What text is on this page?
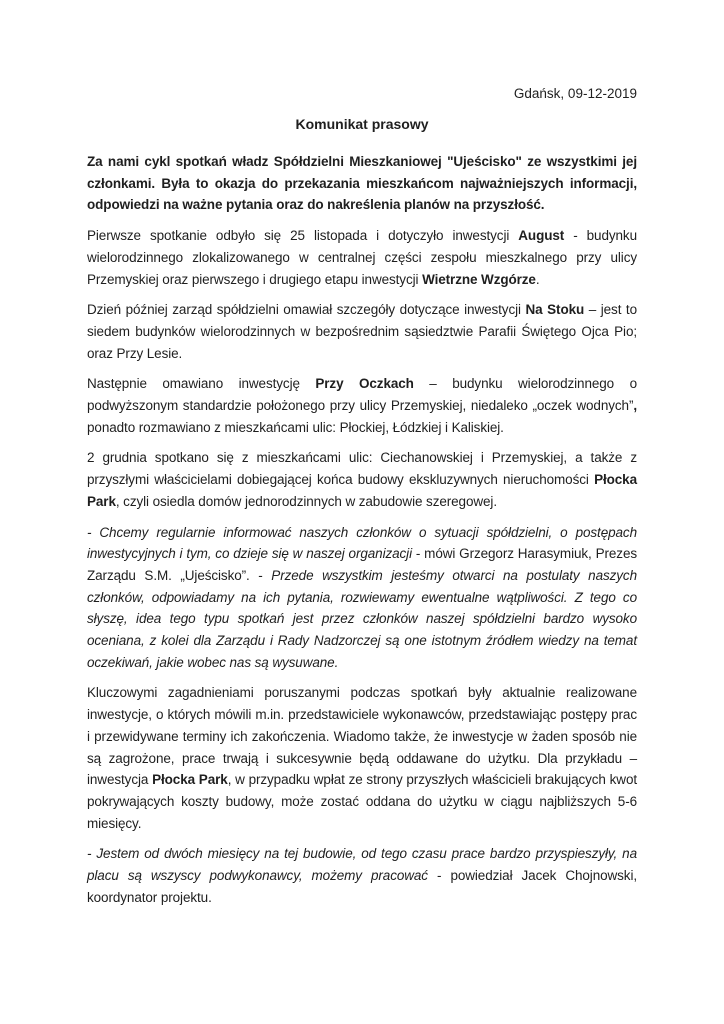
Gdańsk, 09-12-2019
Komunikat prasowy

Za nami cykl spotkań władz Spółdzielni Mieszkaniowej "Ujeścisko" ze wszystkimi jej członkami. Była to okazja do przekazania mieszkańcom najważniejszych informacji, odpowiedzi na ważne pytania oraz do nakreślenia planów na przyszłość.

Pierwsze spotkanie odbyło się 25 listopada i dotyczyło inwestycji August - budynku wielorodzinnego zlokalizowanego w centralnej części zespołu mieszkalnego przy ulicy Przemyskiej oraz pierwszego i drugiego etapu inwestycji Wietrzne Wzgórze.

Dzień później zarząd spółdzielni omawiał szczegóły dotyczące inwestycji Na Stoku – jest to siedem budynków wielorodzinnych w bezpośrednim sąsiedztwie Parafii Świętego Ojca Pio; oraz Przy Lesie.

Następnie omawiano inwestycję Przy Oczkach – budynku wielorodzinnego o podwyższonym standardzie położonego przy ulicy Przemyskiej, niedaleko „oczek wodnych”, ponadto rozmawiano z mieszkańcami ulic: Płockiej, Łódzkiej i Kaliskiej.

2 grudnia spotkano się z mieszkańcami ulic: Ciechanowskiej i Przemyskiej, a także z przyszłymi właścicielami dobiegającej końca budowy ekskluzywnych nieruchomości Płocka Park, czyli osiedla domów jednorodzinnych w zabudowie szeregowej.

- Chcemy regularnie informować naszych członków o sytuacji spółdzielni, o postępach inwestycyjnych i tym, co dzieje się w naszej organizacji - mówi Grzegorz Harasymiuk, Prezes Zarządu S.M. „Ujeścisko”. - Przede wszystkim jesteśmy otwarci na postulaty naszych członków, odpowiadamy na ich pytania, rozwiewamy ewentualne wątpliwości. Z tego co słyszę, idea tego typu spotkań jest przez członków naszej spółdzielni bardzo wysoko oceniana, z kolei dla Zarządu i Rady Nadzorczej są one istotnym źródłem wiedzy na temat oczekiwań, jakie wobec nas są wysuwane.

Kluczowymi zagadnieniami poruszanymi podczas spotkań były aktualnie realizowane inwestycje, o których mówili m.in. przedstawiciele wykonawców, przedstawiając postępy prac i przewidywane terminy ich zakończenia. Wiadomo także, że inwestycje w żaden sposób nie są zagrożone, prace trwają i sukcesywnie będą oddawane do użytku. Dla przykładu – inwestycja Płocka Park, w przypadku wpłat ze strony przyszłych właścicieli brakujących kwot pokrywających koszty budowy, może zostać oddana do użytku w ciągu najbliższych 5-6 miesięcy.

- Jestem od dwóch miesięcy na tej budowie, od tego czasu prace bardzo przyspieszyły, na placu są wszyscy podwykonawcy, możemy pracować - powiedział Jacek Chojnowski, koordynator projektu.
